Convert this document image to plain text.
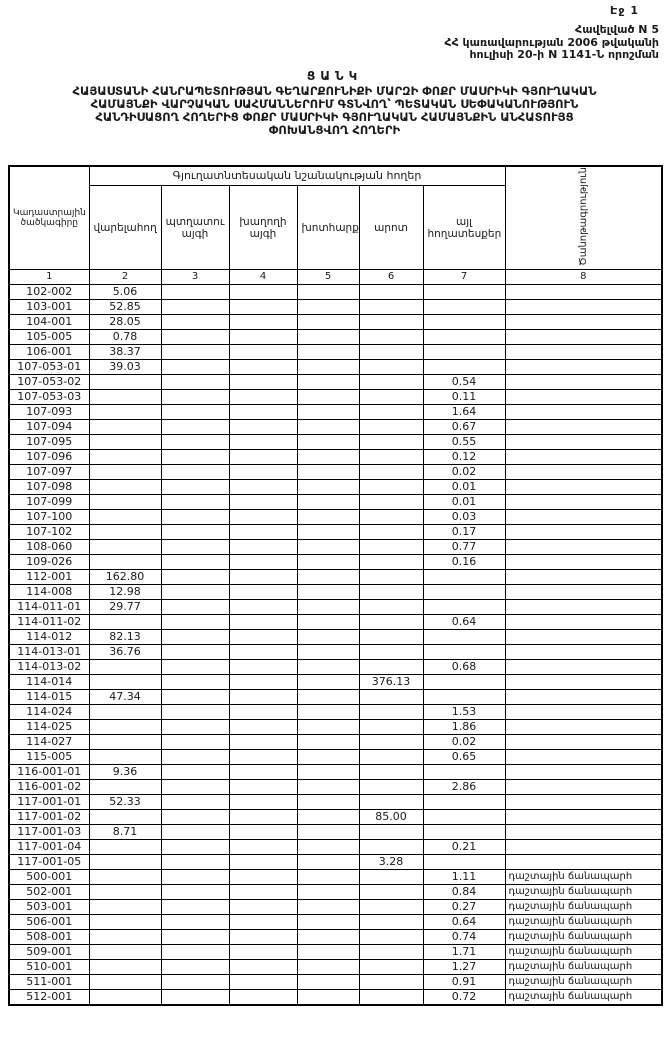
Էջ 1
Հավելված N 5
ՀՀ կառավարության 2006 թվականի
հուլիսի 20-ի N 1141-Ն որոշման
ՑԱՆԿ
ՀԱՅԱՍՏԱՆԻ ՀԱՆՐԱՊԵՏՈՒԹՅԱՆ ԳԵՂԱՐՔՈՒՆԻՔԻ ՄԱՐԶԻ ՓՈՔՐ ՄԱՍՐԻԿԻ ԳՅՈՒՂԱԿԱՆ
ՀԱՄԱՅՆՔԻ ՎԱՐՉԱԿԱՆ ՍԱՀՄԱՆՆԵՐՈՒՄ ԳՏՆՎՈՂ՝ ՊԵՏԱԿԱՆ ՍԵՓԱԿԱՆՈՒԹՅՈՒՆ
ՀԱՆԴԻՍԱՑՈՂ ՀՈՂԵՐԻՑ ՓՈՔՐ ՄԱՍՐԻԿԻ ԳՅՈՒՂԱԿԱՆ ՀԱՄԱՅՆՔԻՆ ԱՆՀԱՏՈՒՅՑ
ՓՈԽԱՆՑՎՈՂ ՀՈՂԵՐԻ
Կադաստրային ծածկագիրը	Գյուղատնտեսական նշանակության հողեր						Ծանոթագրություն
	վարելահող	պտղատու այգի	խաղողի այգի	խոտհարք	արոտ	այլ հողատեսքեր	
1	2	3	4	5	6	7	8
102-002	5.06						
103-001	52.85						
104-001	28.05						
105-005	0.78						
106-001	38.37						
107-053-01	39.03						
107-053-02						0.54	
107-053-03						0.11	
107-093						1.64	
107-094						0.67	
107-095						0.55	
107-096						0.12	
107-097						0.02	
107-098						0.01	
107-099						0.01	
107-100						0.03	
107-102						0.17	
108-060						0.77	
109-026						0.16	
112-001	162.80						
114-008	12.98						
114-011-01	29.77						
114-011-02						0.64	
114-012	82.13						
114-013-01	36.76						
114-013-02						0.68	
114-014					376.13		
114-015	47.34						
114-024						1.53	
114-025						1.86	
114-027						0.02	
115-005						0.65	
116-001-01	9.36						
116-001-02						2.86	
117-001-01	52.33						
117-001-02					85.00		
117-001-03	8.71						
117-001-04						0.21	
117-001-05					3.28		
500-001						1.11	դաշտային ճանապարհ
502-001						0.84	դաշտային ճանապարհ
503-001						0.27	դաշտային ճանապարհ
506-001						0.64	դաշտային ճանապարհ
508-001						0.74	դաշտային ճանապարհ
509-001						1.71	դաշտային ճանապարհ
510-001						1.27	դաշտային ճանապարհ
511-001						0.91	դաշտային ճանապարհ
512-001						0.72	դաշտային ճանապարհ
